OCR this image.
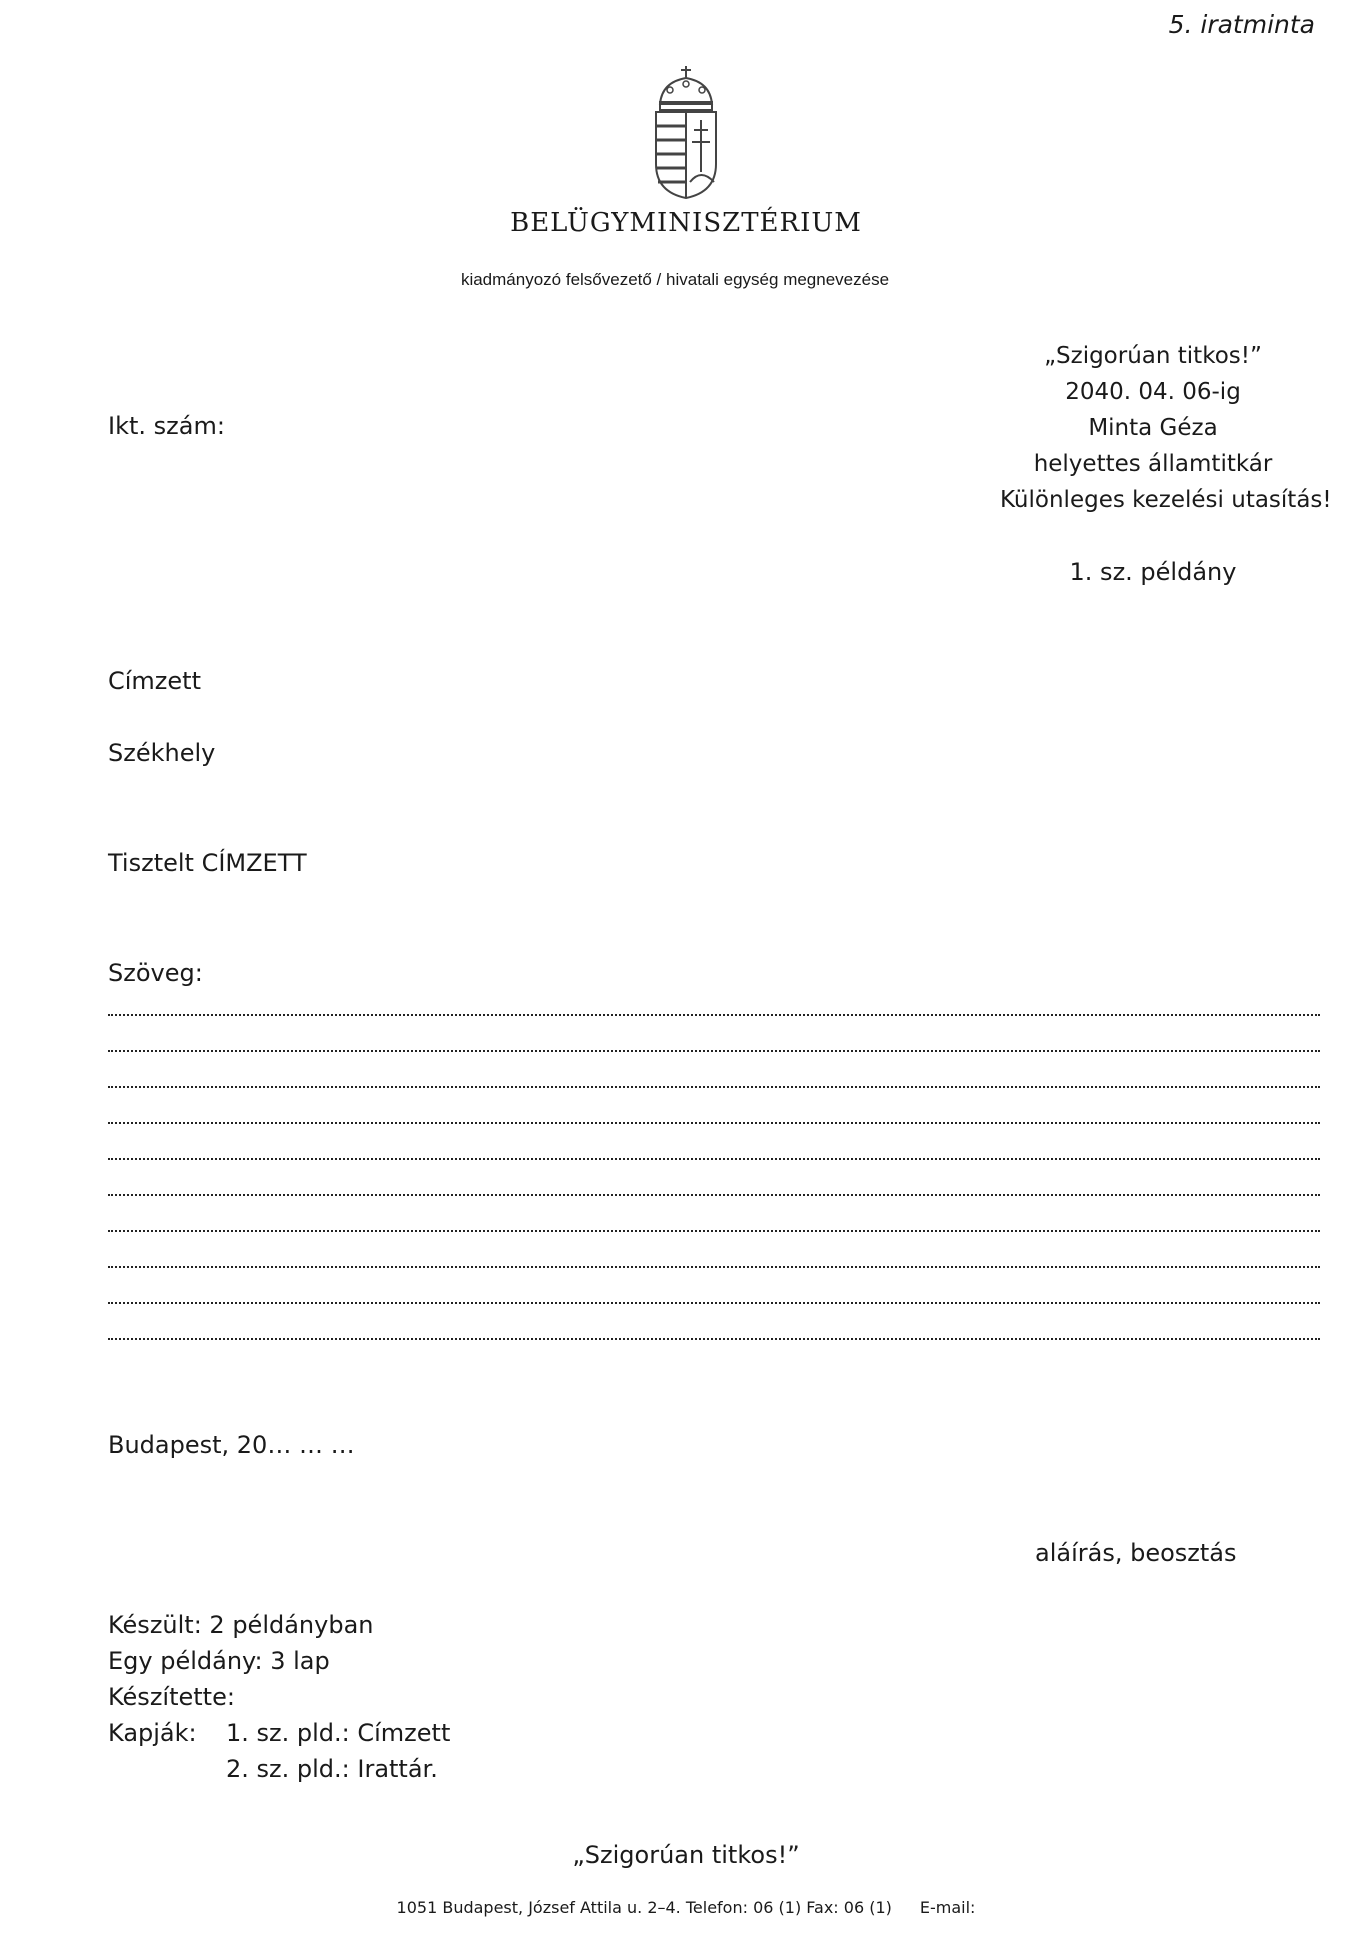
5. iratminta
BELÜGYMINISZTÉRIUM
kiadmányozó felsővezető / hivatali egység megnevezése
„Szigorúan titkos!”
2040. 04. 06-ig
Minta Géza
helyettes államtitkár
Különleges kezelési utasítás!
1. sz. példány
Ikt. szám:
Címzett
Székhely
Tisztelt CÍMZETT
Szöveg:
Budapest, 20… … …
aláírás, beosztás
Készült: 2 példányban
Egy példány: 3 lap
Készítette:
Kapják: 1. sz. pld.: Címzett
2. sz. pld.: Irattár.
„Szigorúan titkos!”
1051 Budapest, József Attila u. 2–4. Telefon: 06 (1) Fax: 06 (1) E-mail:
